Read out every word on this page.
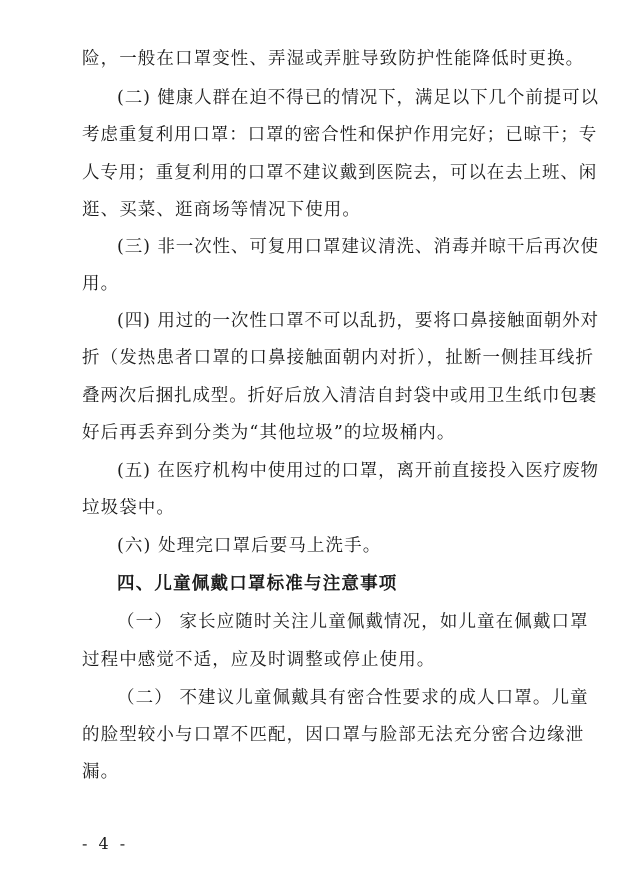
险，一般在口罩变性、弄湿或弄脏导致防护性能降低时更换。
(二) 健康人群在迫不得已的情况下，满足以下几个前提可以
考虑重复利用口罩：口罩的密合性和保护作用完好；已晾干；专
人专用；重复利用的口罩不建议戴到医院去，可以在去上班、闲
逛、买菜、逛商场等情况下使用。
(三) 非一次性、可复用口罩建议清洗、消毒并晾干后再次使
用。
(四) 用过的一次性口罩不可以乱扔，要将口鼻接触面朝外对
折（发热患者口罩的口鼻接触面朝内对折），扯断一侧挂耳线折
叠两次后捆扎成型。折好后放入清洁自封袋中或用卫生纸巾包裹
好后再丢弃到分类为“其他垃圾”的垃圾桶内。
(五) 在医疗机构中使用过的口罩，离开前直接投入医疗废物
垃圾袋中。
(六) 处理完口罩后要马上洗手。
四、儿童佩戴口罩标准与注意事项
（一） 家长应随时关注儿童佩戴情况，如儿童在佩戴口罩
过程中感觉不适，应及时调整或停止使用。
（二） 不建议儿童佩戴具有密合性要求的成人口罩。儿童
的脸型较小与口罩不匹配，因口罩与脸部无法充分密合边缘泄
漏。
- 4 -
